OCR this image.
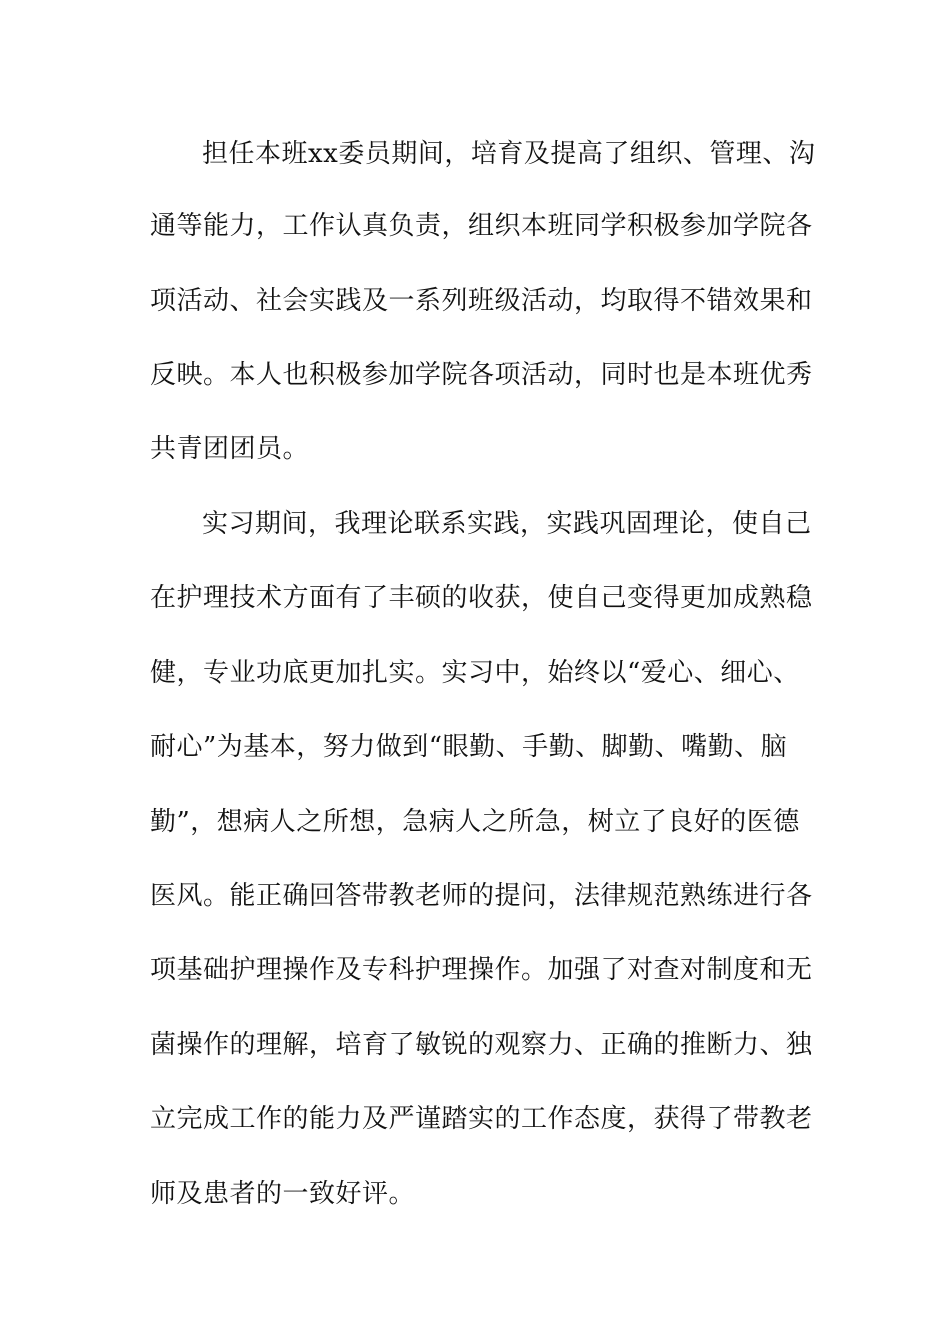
担任本班xx委员期间，培育及提高了组织、管理、沟
通等能力，工作认真负责，组织本班同学积极参加学院各
项活动、社会实践及一系列班级活动，均取得不错效果和
反映。本人也积极参加学院各项活动，同时也是本班优秀
共青团团员。
实习期间，我理论联系实践，实践巩固理论，使自己
在护理技术方面有了丰硕的收获，使自己变得更加成熟稳
健，专业功底更加扎实。实习中，始终以“爱心、细心、
耐心”为基本，努力做到“眼勤、手勤、脚勤、嘴勤、脑
勤”，想病人之所想，急病人之所急，树立了良好的医德
医风。能正确回答带教老师的提问，法律规范熟练进行各
项基础护理操作及专科护理操作。加强了对查对制度和无
菌操作的理解，培育了敏锐的观察力、正确的推断力、独
立完成工作的能力及严谨踏实的工作态度，获得了带教老
师及患者的一致好评。
